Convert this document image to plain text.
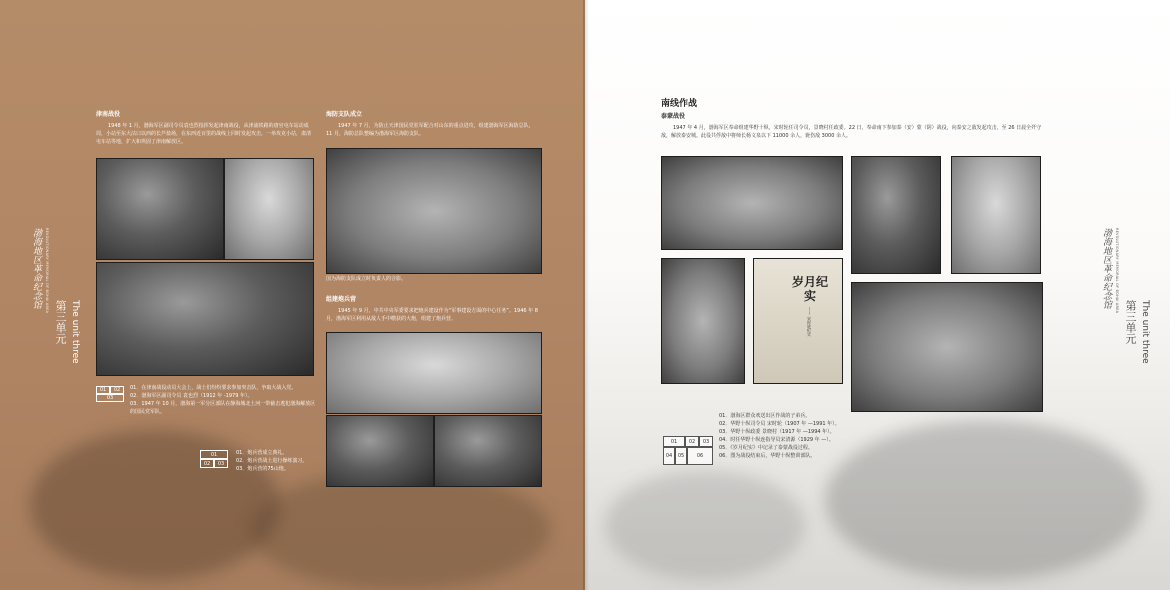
渤海地区革命纪念馆	REVOLUTIONARY MEMORIAL OF BOHAI AREA
第三单元 The unit three
津南战役
1948 年 1 月，渤海军区副司令员袁也烈指挥发起津南战役，从津浦铁路的唐官屯车站动成周，小站至东大沽口以西的长芦盐场，在东西近百里的战线上同时发起攻击，一举攻克小站，肃清屯车站等地，扩大和巩固了津南解放区。
01	02
03
01．在津南战役动员大会上，战士们纷纷要求参加突击队，争取大战入党。
02．渤海军区副司令员 袁也烈（1912 年 -1979 年）。
03．1947 年 10 月，渤海第一军分区部队在静海城北土河一带截击逃犯渤海解放区的国民党军队。
海防支队成立
1947 年 7 月，为防止天津国民党驻军配合对山东的重点进攻，组建渤海军区海防总队，11 月，海防总队整编为渤海军区海防支队。
国为海防支队成立时负责人的合影。
组建炮兵营
1945 年 9 月，中共中央军委要求把炮兵建设作为“军事建设方面的中心任务”。1946 年 8 月，渤海军区利用从敌人手中缴获的大炮，组建了炮兵营。
01
02	03
01．炮兵营成立典礼。
02．炮兵营战士进行操练演习。
03．炮兵营的75山炮。
南线作战
泰蒙战役
1947 年 4 月，渤海军区奉命组建华野十纵，宋时轮任司令员，景晓村任政委。22 日，奉命南下参加泰（安）蒙（阴）战役，向泰安之敌发起攻击，至 26 日晨全歼守敌，解放泰安城。此役共俘敌中将师长杨文泉以下 11000 余人，毙伤敌 3000 余人。
岁月纪实
—— 宋时轮纪实
01	02	03
04	05	06
01．渤海区群众欢送出区作战的子弟兵。
02．华野十纵司令员 宋时轮（1907 年 —1991 年）。
03．华野十纵政委 景晓村（1917 年 —1994 年）。
04．时任华野十纵连指导员宋清源（1929 年 —）。
05．《岁月纪实》中记录了泰蒙战役过程。
06．图为战役结束后，华野十纵整训部队。
渤海地区革命纪念馆	REVOLUTIONARY MEMORIAL OF BOHAI AREA
第三单元 The unit three
